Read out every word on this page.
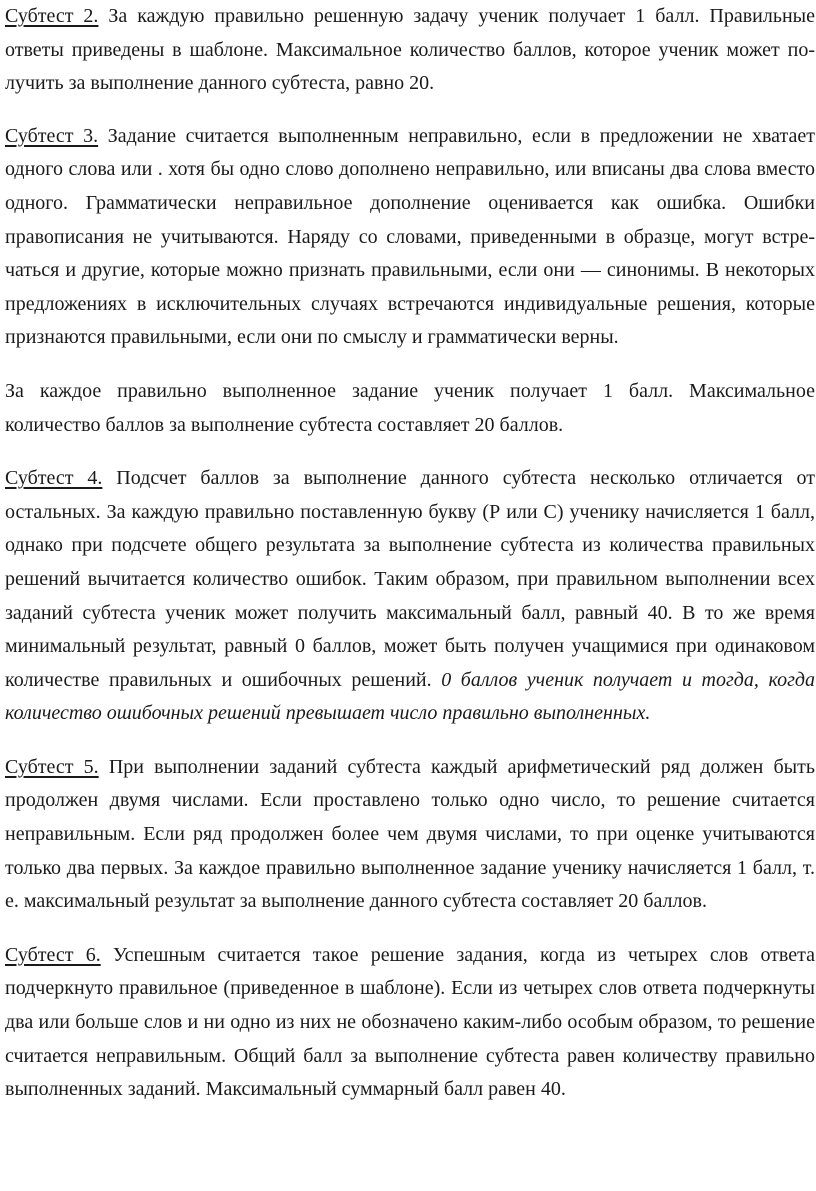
Субтест 2. За каждую правильно решенную задачу ученик получает 1 балл. Правильные ответы приведены в шаблоне. Максимальное количество баллов, которое ученик может получить за выполнение данного субтеста, равно 20.

Субтест 3. Задание считается выполненным неправильно, если в предложении не хватает одного слова или . хотя бы одно слово дополнено неправильно, или вписаны два слова вместо одного. Грамматически неправильное дополнение оценивается как ошибка. Ошибки правописания не учитываются. Наряду со словами, приведенными в образце, могут встречаться и другие, которые можно признать правильными, если они — синонимы. В некоторых предложениях в исключительных случаях встречаются индивидуальные решения, которые признаются правильными, если они по смыслу и грамматически верны.

За каждое правильно выполненное задание ученик получает 1 балл. Максимальное количество баллов за выполнение субтеста составляет 20 баллов.

Субтест 4. Подсчет баллов за выполнение данного субтеста несколько отличается от остальных. За каждую правильно поставленную букву (Р или С) ученику начисляется 1 балл, однако при подсчете общего результата за выполнение субтеста из количества правильных решений вычитается количество ошибок. Таким образом, при правильном выполнении всех заданий субтеста ученик может получить максимальный балл, равный 40. В то же время минимальный результат, равный 0 баллов, может быть получен учащимися при одинаковом количестве правильных и ошибочных решений. 0 баллов ученик получает и тогда, когда количество ошибочных решений превышает число правильно выполненных.

Субтест 5. При выполнении заданий субтеста каждый арифметический ряд должен быть продолжен двумя числами. Если проставлено только одно число, то решение считается неправильным. Если ряд продолжен более чем двумя числами, то при оценке учитываются только два первых. За каждое правильно выполненное задание ученику начисляется 1 балл, т. е. максимальный результат за выполнение данного субтеста составляет 20 баллов.

Субтест 6. Успешным считается такое решение задания, когда из четырех слов ответа подчеркнуто правильное (приведенное в шаблоне). Если из четырех слов ответа подчеркнуты два или больше слов и ни одно из них не обозначено каким-либо особым образом, то решение считается неправильным. Общий балл за выполнение субтеста равен количеству правильно выполненных заданий. Максимальный суммарный балл равен 40.
